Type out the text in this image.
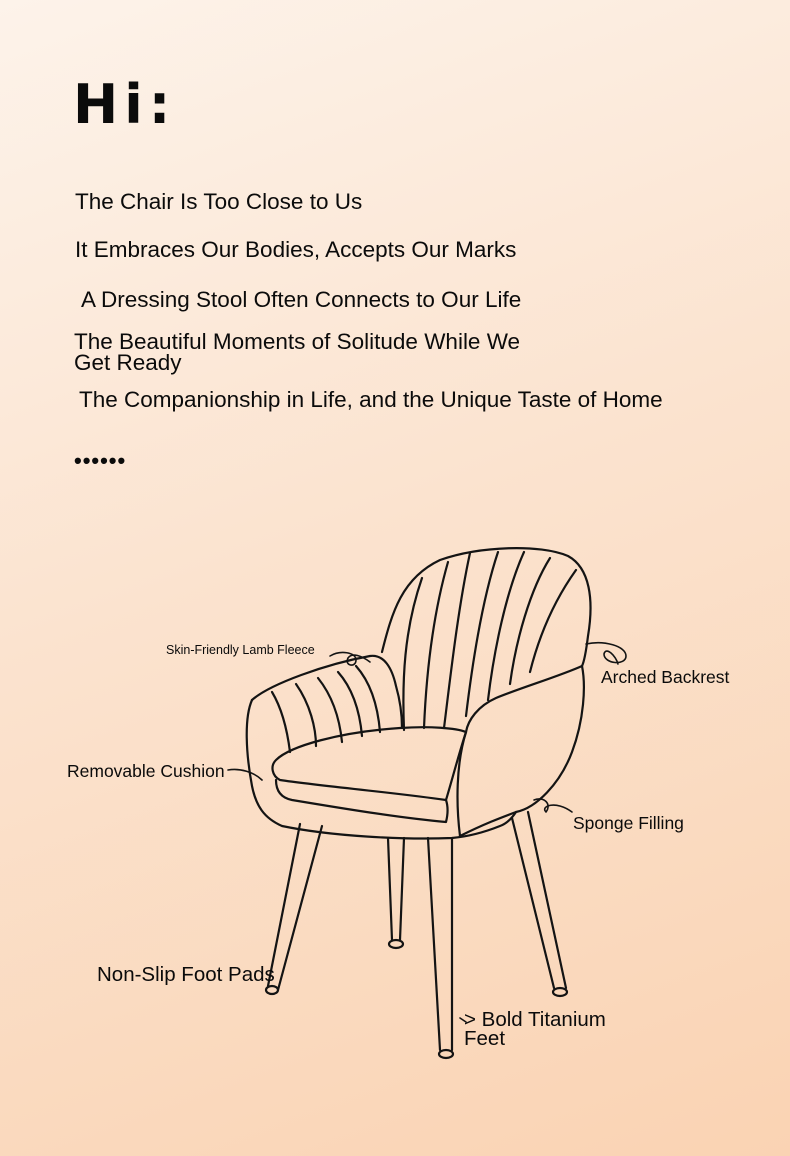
Hi:

The Chair Is Too Close to Us

It Embraces Our Bodies, Accepts Our Marks

A Dressing Stool Often Connects to Our Life

The Beautiful Moments of Solitude While We Get Ready

The Companionship in Life, and the Unique Taste of Home

••••••
Skin-Friendly Lamb Fleece
Arched Backrest
Removable Cushion
Sponge Filling
Non-Slip Foot Pads
> Bold Titanium Feet
